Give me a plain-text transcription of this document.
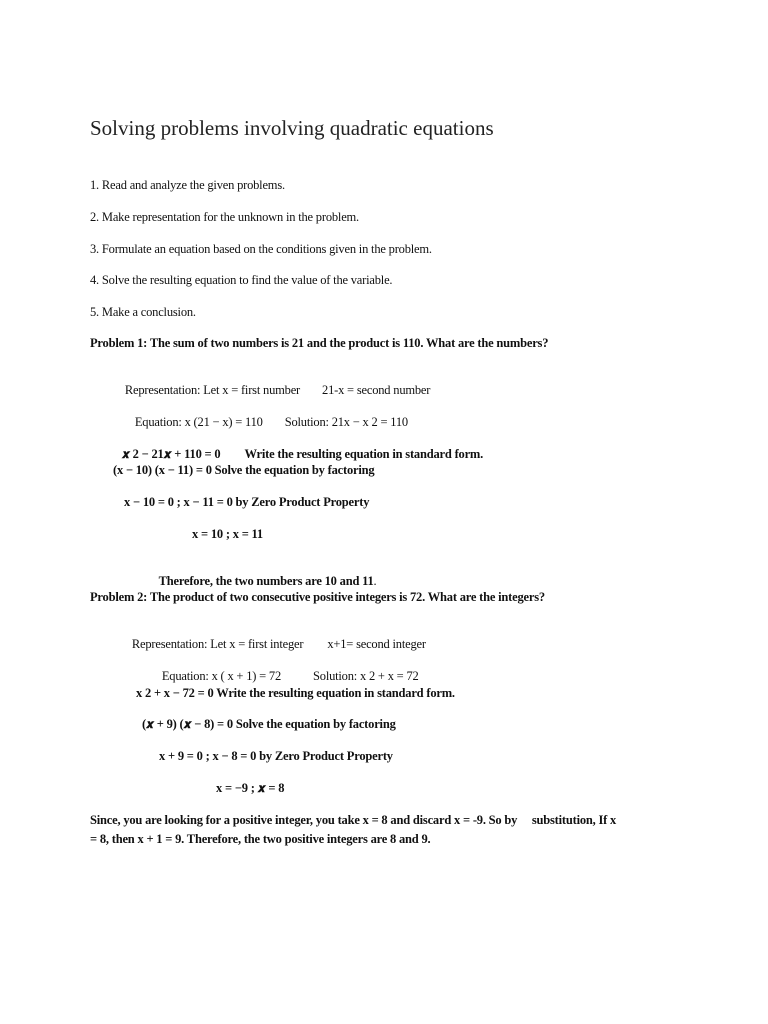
Solving problems involving quadratic equations
1. Read and analyze the given problems.
2. Make representation for the unknown in the problem.
3. Formulate an equation based on the conditions given in the problem.
4. Solve the resulting equation to find the value of the variable.
5. Make a conclusion.
Problem 1: The sum of two numbers is 21 and the product is 110. What are the numbers?

Representation: Let x = first number 21-x = second number

Equation: x (21 − x) = 110 Solution: 21x − x 2 = 110

𝒙 2 − 21𝒙 + 110 = 0 Write the resulting equation in standard form.

(x − 10) (x − 11) = 0 Solve the equation by factoring
x − 10 = 0 ; x − 11 = 0 by Zero Product Property
x = 10 ; x = 11

Therefore, the two numbers are 10 and 11.

Problem 2: The product of two consecutive positive integers is 72. What are the integers?

Representation: Let x = first integer x+1= second integer

Equation: x ( x + 1) = 72	Solution: x 2 + x = 72

x 2 + x − 72 = 0 Write the resulting equation in standard form.
(𝒙 + 9) (𝒙 − 8) = 0 Solve the equation by factoring
x + 9 = 0 ; x − 8 = 0 by Zero Product Property
x = −9 ; 𝒙 = 8
Since, you are looking for a positive integer, you take x = 8 and discard x = -9. So by     substitution, If x
= 8, then x + 1 = 9. Therefore, the two positive integers are 8 and 9.
